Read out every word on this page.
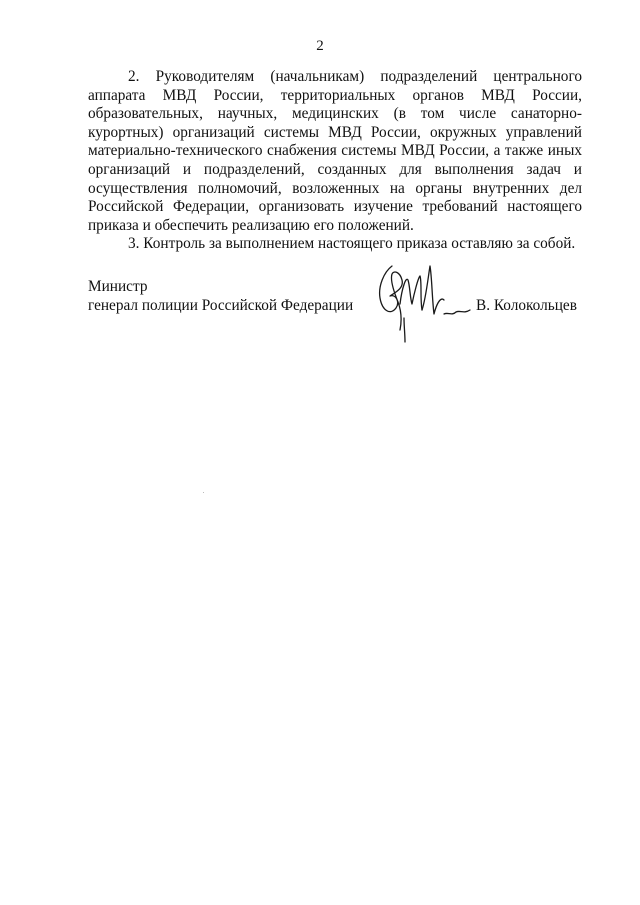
2

2. Руководителям (начальникам) подразделений центрального аппарата МВД России, территориальных органов МВД России, образовательных, научных, медицинских (в том числе санаторно-курортных) организаций системы МВД России, окружных управлений материально-технического снабжения системы МВД России, а также иных организаций и подразделений, созданных для выполнения задач и осуществления полномочий, возложенных на органы внутренних дел Российской Федерации, организовать изучение требований настоящего приказа и обеспечить реализацию его положений.

3. Контроль за выполнением настоящего приказа оставляю за собой.

Министр
генерал полиции Российской Федерации	В. Колокольцев
